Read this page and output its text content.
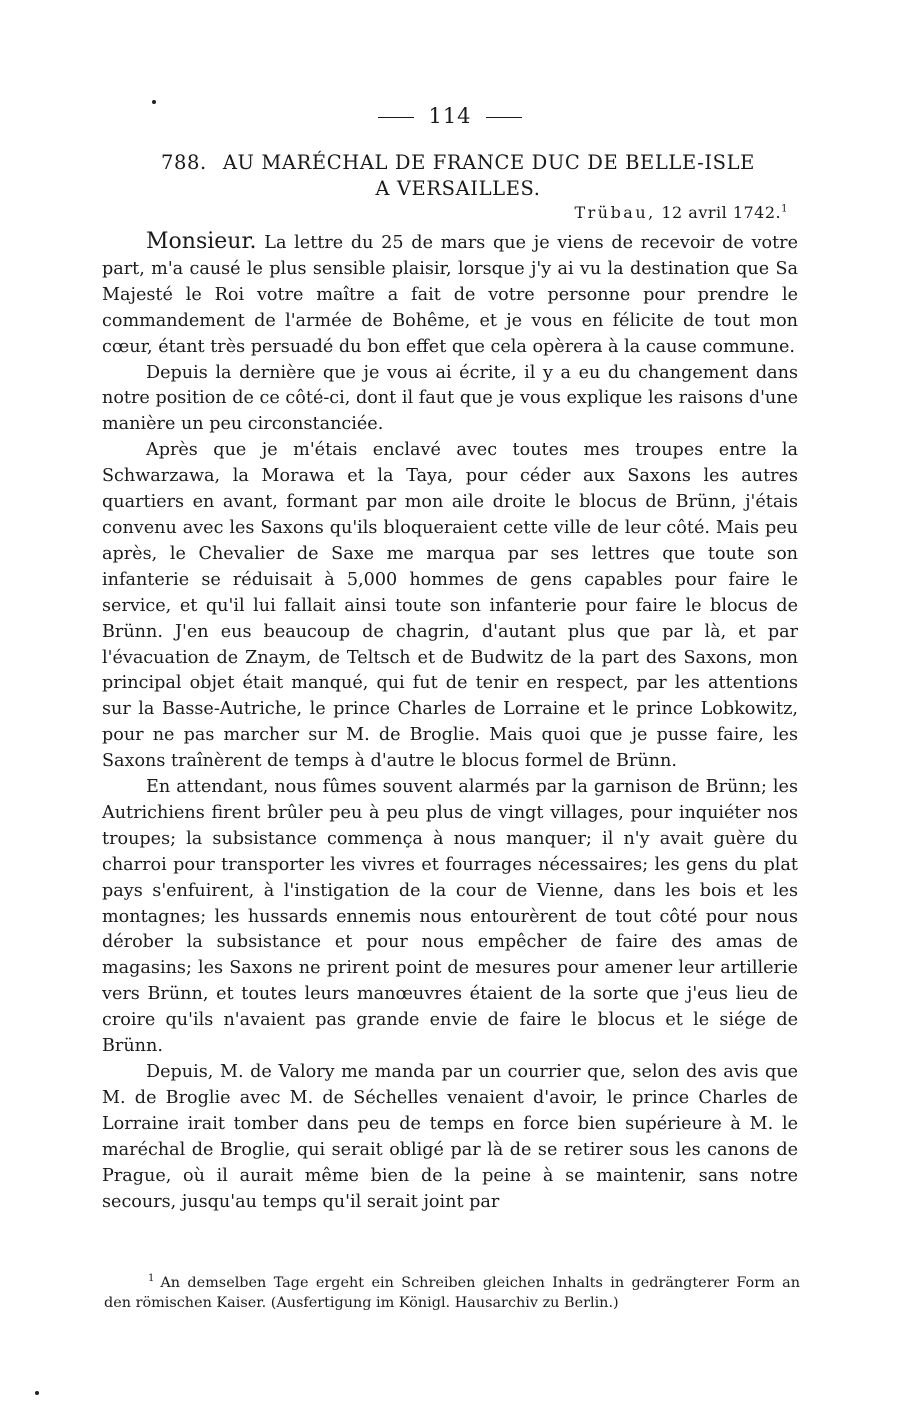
114
788. AU MARÉCHAL DE FRANCE DUC DE BELLE-ISLE
A VERSAILLES.
Trübau, 12 avril 1742.$^1$

Monsieur. La lettre du 25 de mars que je viens de recevoir de votre part, m'a causé le plus sensible plaisir, lorsque j'y ai vu la destination que Sa Majesté le Roi votre maître a fait de votre personne pour prendre le commandement de l'armée de Bohême, et je vous en félicite de tout mon cœur, étant très persuadé du bon effet que cela opèrera à la cause commune.

Depuis la dernière que je vous ai écrite, il y a eu du changement dans notre position de ce côté-ci, dont il faut que je vous explique les raisons d'une manière un peu circonstanciée.

Après que je m'étais enclavé avec toutes mes troupes entre la Schwarzawa, la Morawa et la Taya, pour céder aux Saxons les autres quartiers en avant, formant par mon aile droite le blocus de Brünn, j'étais convenu avec les Saxons qu'ils bloqueraient cette ville de leur côté. Mais peu après, le Chevalier de Saxe me marqua par ses lettres que toute son infanterie se réduisait à 5,000 hommes de gens capables pour faire le service, et qu'il lui fallait ainsi toute son infanterie pour faire le blocus de Brünn. J'en eus beaucoup de chagrin, d'autant plus que par là, et par l'évacuation de Znaym, de Teltsch et de Budwitz de la part des Saxons, mon principal objet était manqué, qui fut de tenir en respect, par les attentions sur la Basse-Autriche, le prince Charles de Lorraine et le prince Lobkowitz, pour ne pas marcher sur M. de Broglie. Mais quoi que je pusse faire, les Saxons traînèrent de temps à d'autre le blocus formel de Brünn.

En attendant, nous fûmes souvent alarmés par la garnison de Brünn; les Autrichiens firent brûler peu à peu plus de vingt villages, pour inquiéter nos troupes; la subsistance commença à nous manquer; il n'y avait guère du charroi pour transporter les vivres et fourrages nécessaires; les gens du plat pays s'enfuirent, à l'instigation de la cour de Vienne, dans les bois et les montagnes; les hussards ennemis nous entourèrent de tout côté pour nous dérober la subsistance et pour nous empêcher de faire des amas de magasins; les Saxons ne prirent point de mesures pour amener leur artillerie vers Brünn, et toutes leurs manœuvres étaient de la sorte que j'eus lieu de croire qu'ils n'avaient pas grande envie de faire le blocus et le siége de Brünn.

Depuis, M. de Valory me manda par un courrier que, selon des avis que M. de Broglie avec M. de Séchelles venaient d'avoir, le prince Charles de Lorraine irait tomber dans peu de temps en force bien supérieure à M. le maréchal de Broglie, qui serait obligé par là de se retirer sous les canons de Prague, où il aurait même bien de la peine à se maintenir, sans notre secours, jusqu'au temps qu'il serait joint par

$^1$ An demselben Tage ergeht ein Schreiben gleichen Inhalts in gedrängterer Form an den römischen Kaiser. (Ausfertigung im Königl. Hausarchiv zu Berlin.)
